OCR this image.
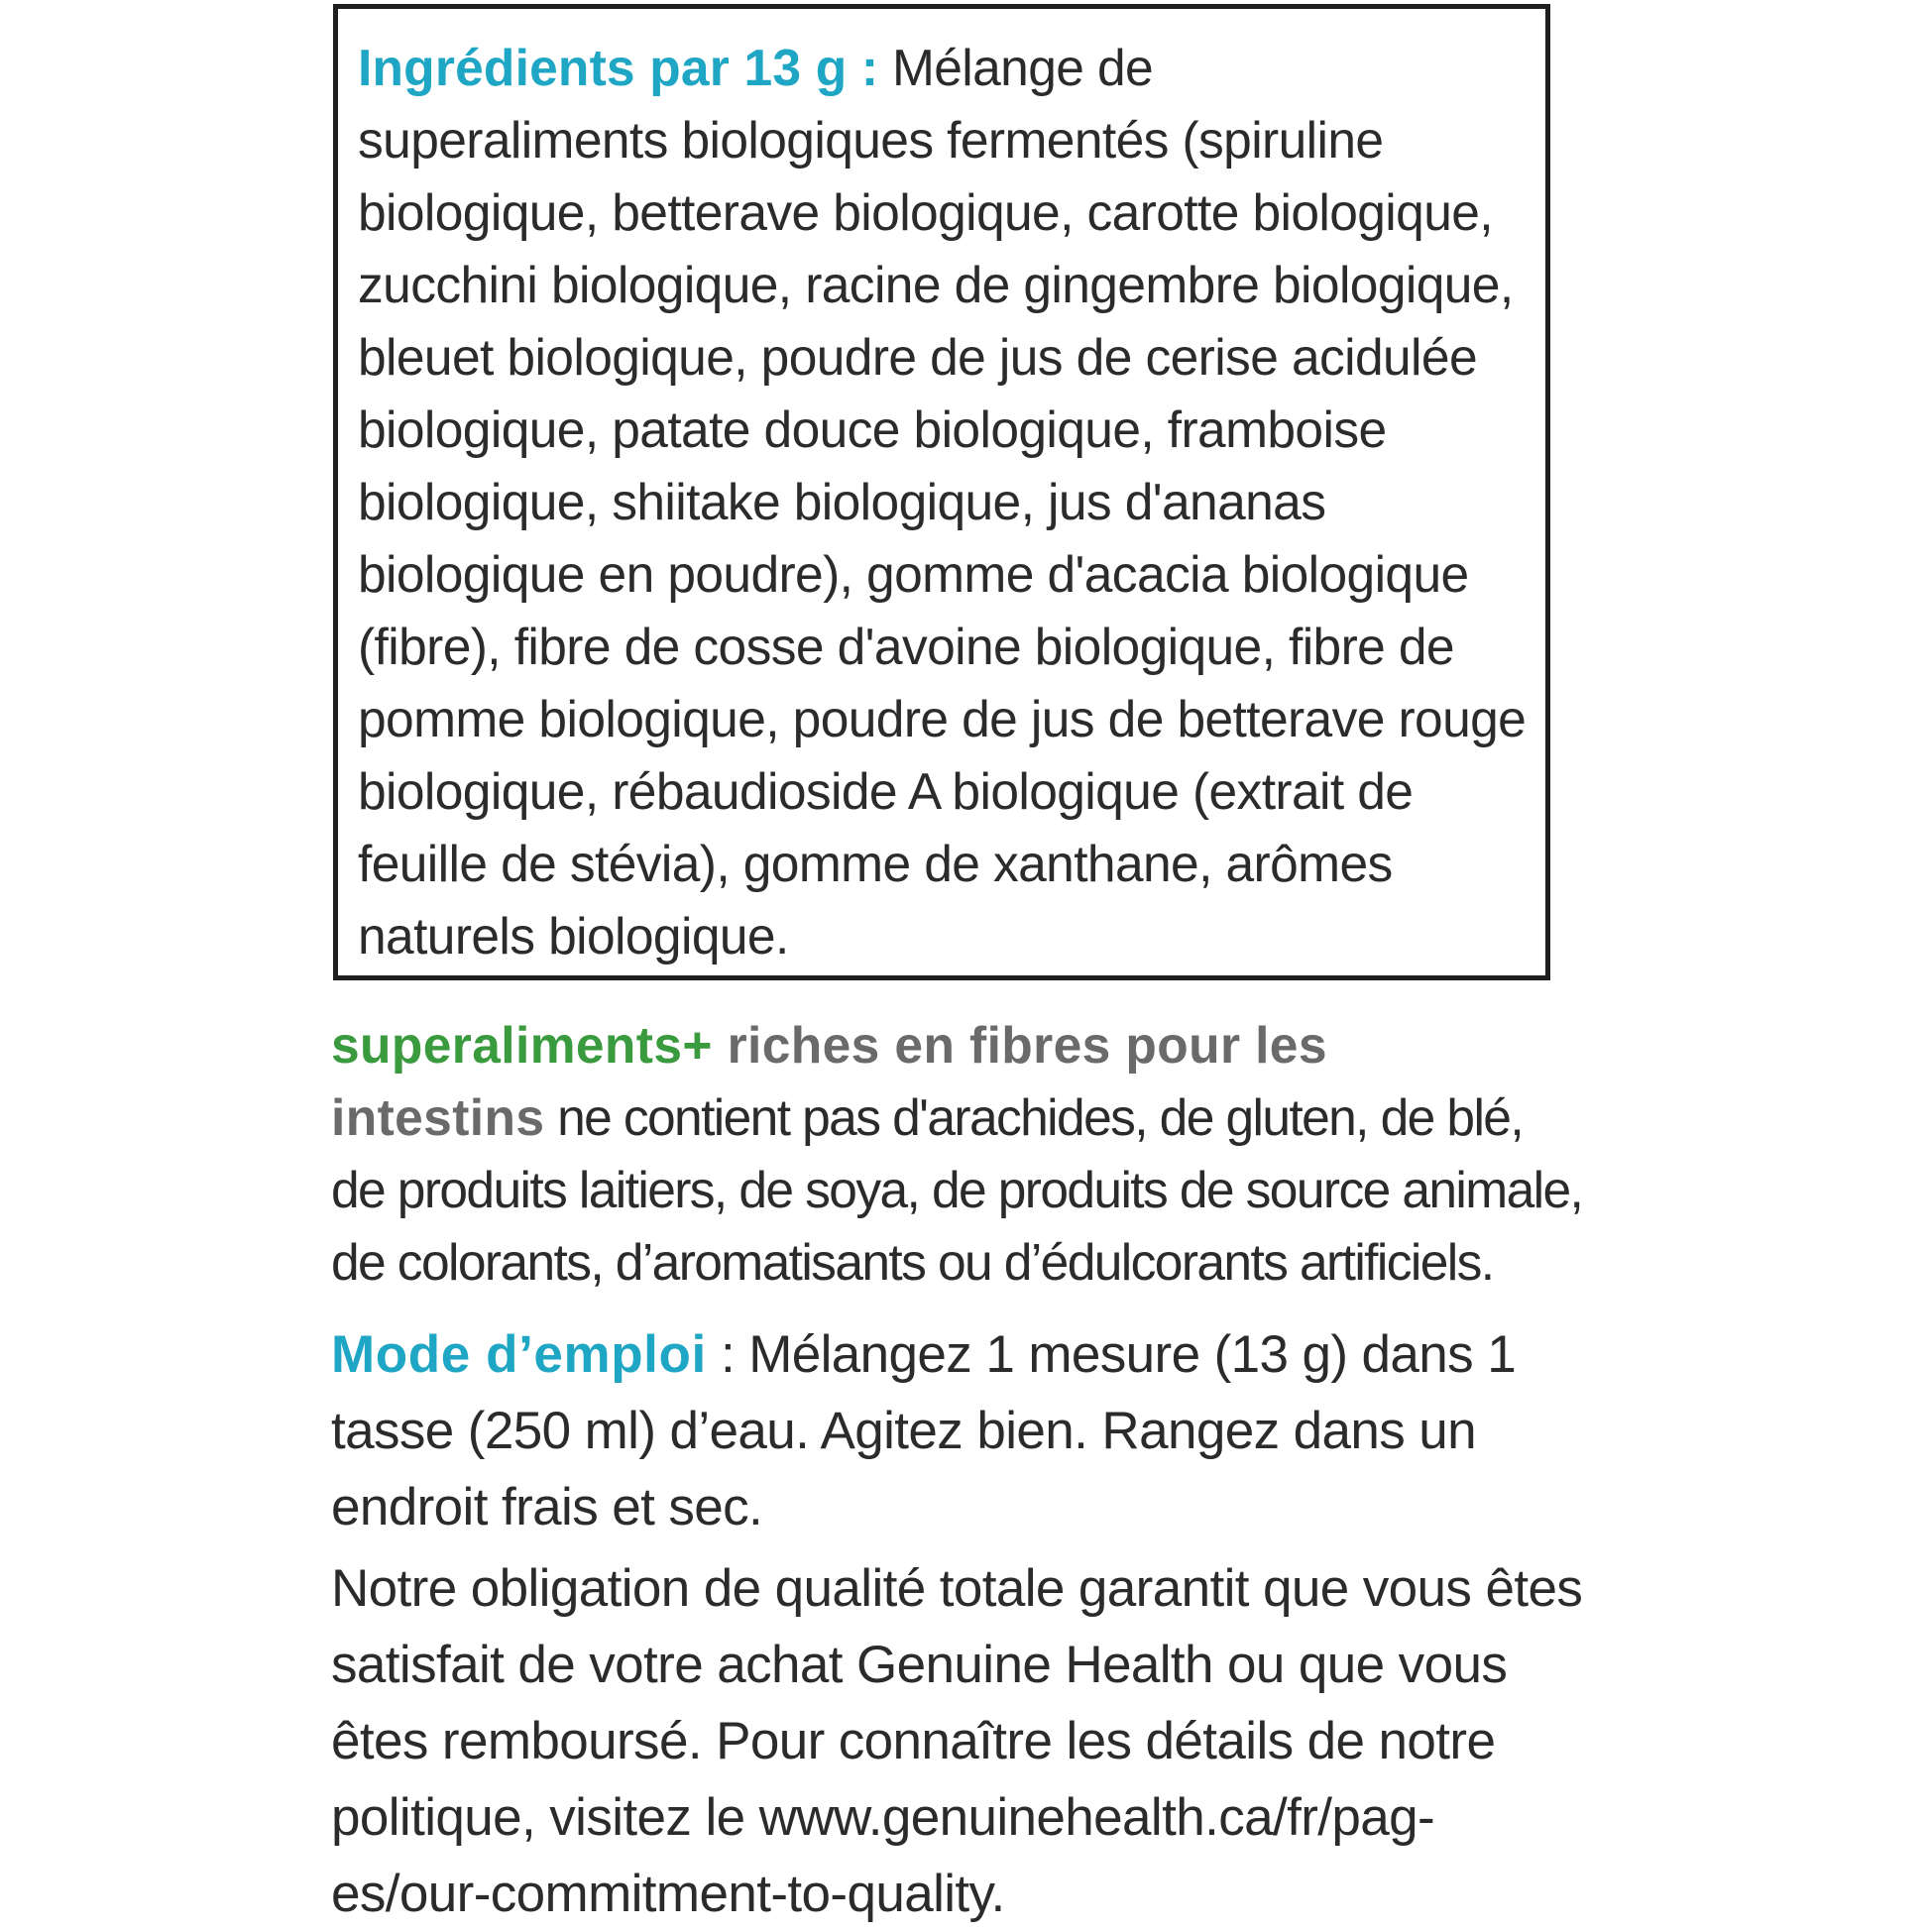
Ingrédients par 13 g : Mélange de
superaliments biologiques fermentés (spiruline
biologique, betterave biologique, carotte biologique,
zucchini biologique, racine de gingembre biologique,
bleuet biologique, poudre de jus de cerise acidulée
biologique, patate douce biologique, framboise
biologique, shiitake biologique, jus d'ananas
biologique en poudre), gomme d'acacia biologique
(fibre), fibre de cosse d'avoine biologique, fibre de
pomme biologique, poudre de jus de betterave rouge
biologique, rébaudioside A biologique (extrait de
feuille de stévia), gomme de xanthane, arômes
naturels biologique.
superaliments+ riches en fibres pour les
intestins ne contient pas d'arachides, de gluten, de blé,
de produits laitiers, de soya, de produits de source animale,
de colorants, d’aromatisants ou d’édulcorants artificiels.
Mode d’emploi : Mélangez 1 mesure (13 g) dans 1
tasse (250 ml) d’eau. Agitez bien. Rangez dans un
endroit frais et sec.
Notre obligation de qualité totale garantit que vous êtes
satisfait de votre achat Genuine Health ou que vous
êtes remboursé. Pour connaître les détails de notre
politique, visitez le www.genuinehealth.ca/fr/pag-
es/our-commitment-to-quality.
